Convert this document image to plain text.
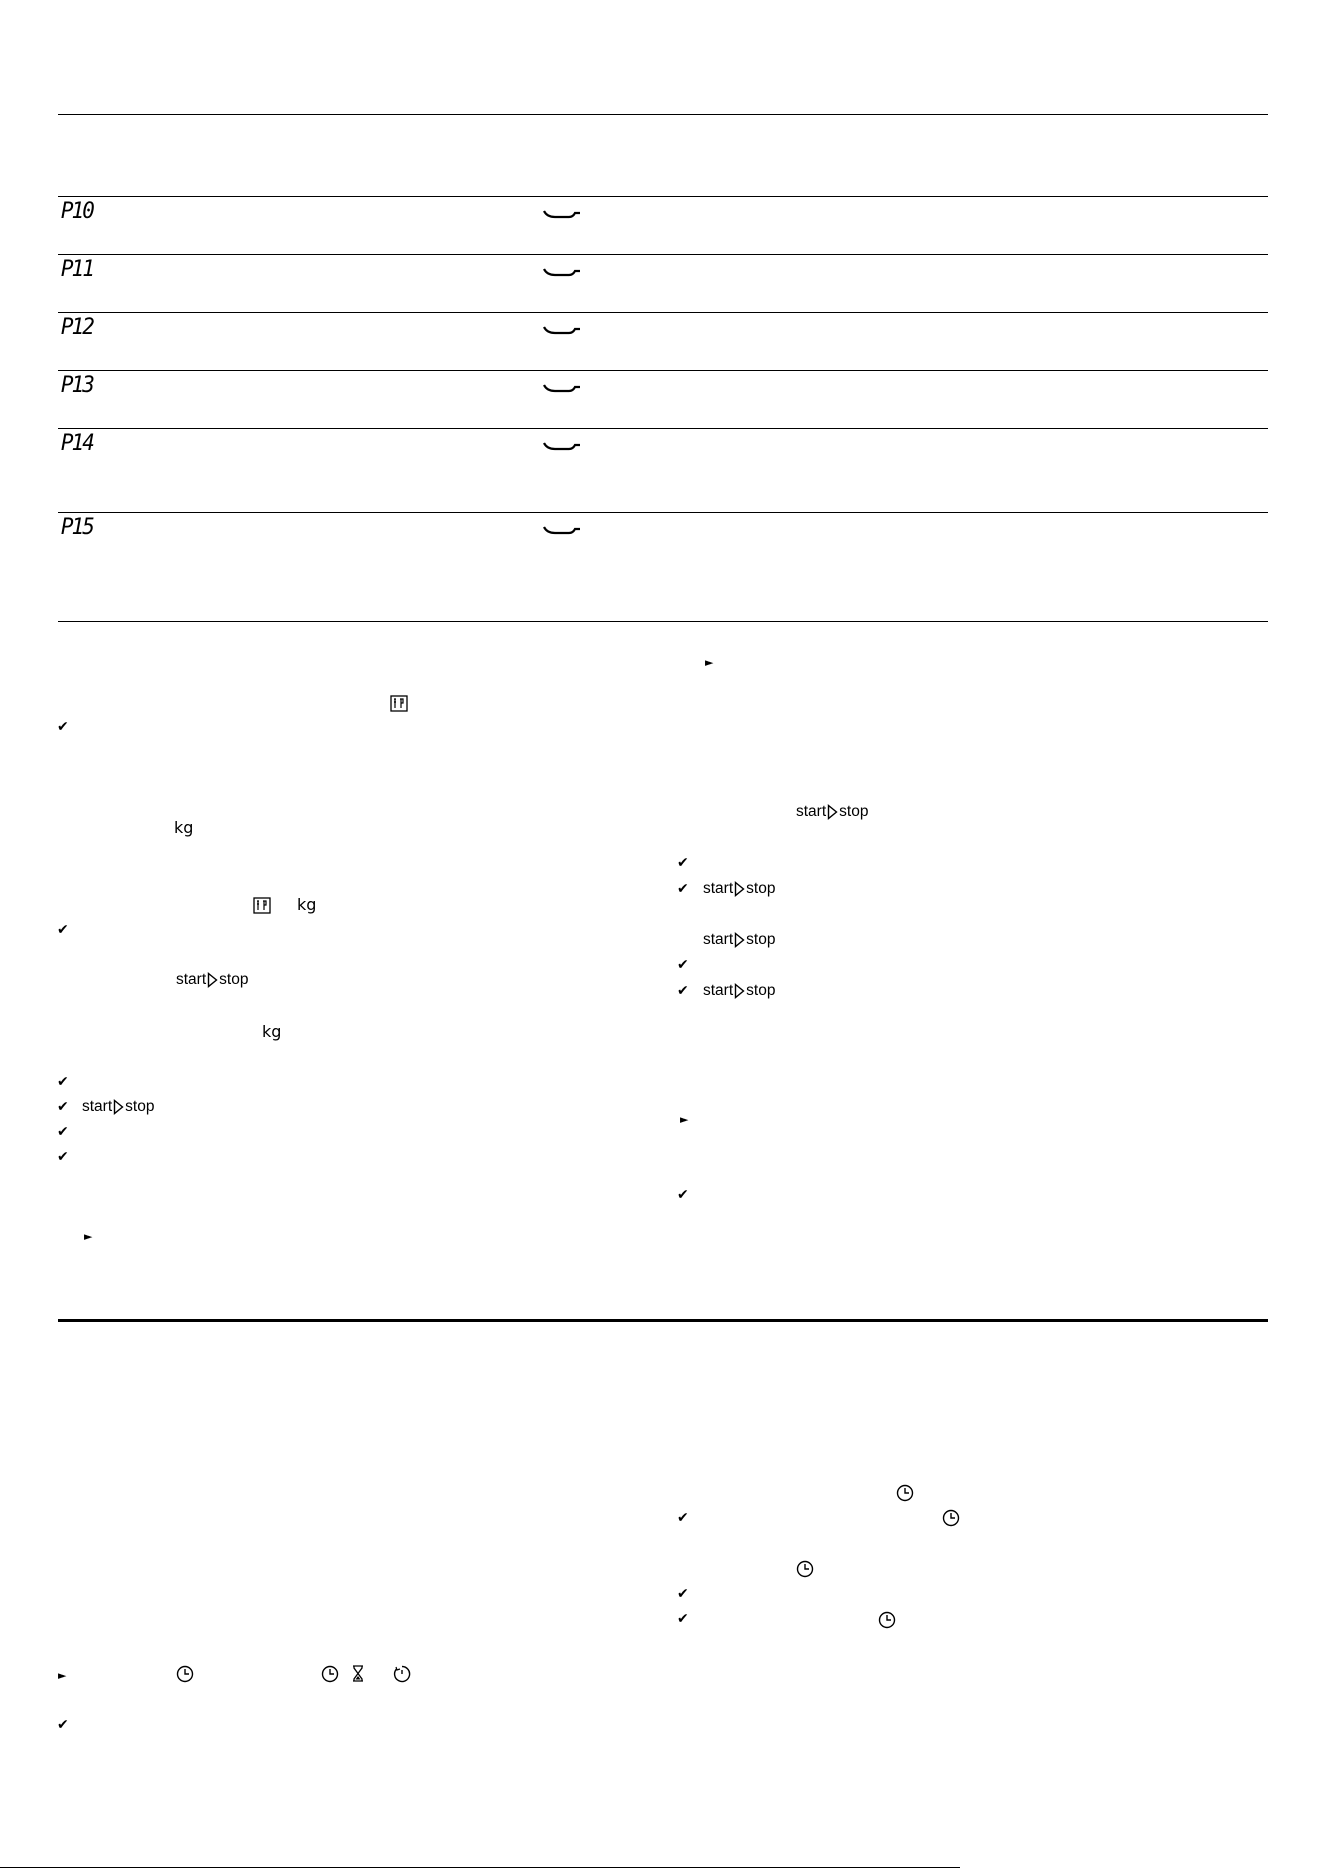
P10
P11
P12
P13
P14
P15
✔
kg
kg
✔
start stop
kg
✔
✔ start stop
✔
✔
►
►
start stop
✔
✔ start stop
start stop
✔
✔ start stop
►
✔
✔
✔
✔
►
✔
